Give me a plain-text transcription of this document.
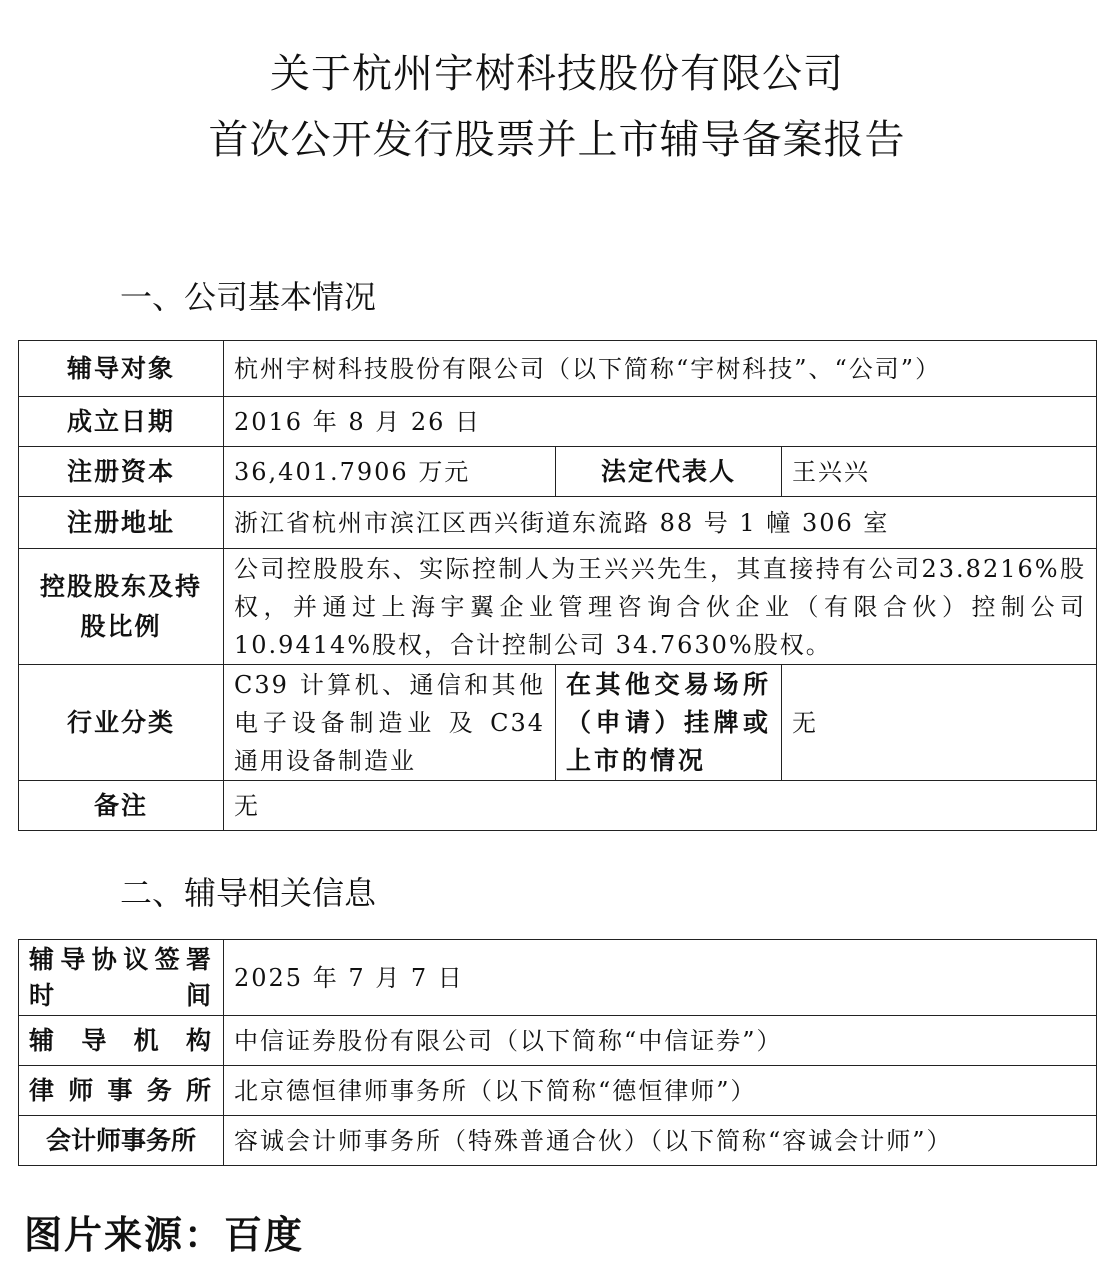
关于杭州宇树科技股份有限公司
首次公开发行股票并上市辅导备案报告
一、公司基本情况
辅导对象	杭州宇树科技股份有限公司（以下简称“宇树科技”、“公司”）		
成立日期	2016 年 8 月 26 日		
注册资本	36,401.7906 万元	法定代表人	王兴兴
注册地址	浙江省杭州市滨江区西兴街道东流路 88 号 1 幢 306 室		
控股股东及持股比例	公司控股股东、实际控制人为王兴兴先生，其直接持有公司23.8216%股权，并通过上海宇翼企业管理咨询合伙企业（有限合伙）控制公司 10.9414%股权，合计控制公司 34.7630%股权。		
行业分类	C39 计算机、通信和其他电子设备制造业 及 C34 通用设备制造业	在其他交易场所（申请）挂牌或上市的情况	无
备注	无		
二、辅导相关信息
辅导协议签署
时　　　间	2025 年 7 月 7 日
辅 导 机 构	中信证券股份有限公司（以下简称“中信证券”）
律师事务所	北京德恒律师事务所（以下简称“德恒律师”）
会计师事务所	容诚会计师事务所（特殊普通合伙）（以下简称“容诚会计师”）
图片来源：百度
